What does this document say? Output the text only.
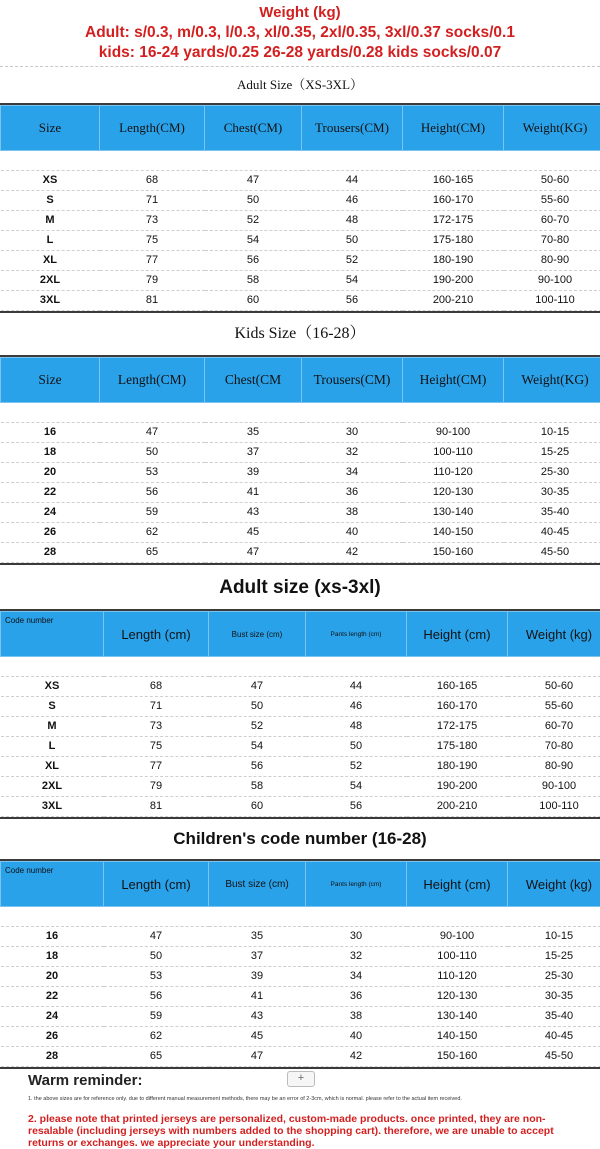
Weight (kg)
Adult: s/0.3, m/0.3, l/0.3, xl/0.35, 2xl/0.35, 3xl/0.37 socks/0.1
kids: 16-24 yards/0.25 26-28 yards/0.28 kids socks/0.07
Adult Size（XS-3XL）
Size	Length(CM)	Chest(CM)	Trousers(CM)	Height(CM)	Weight(KG)

XS	68	47	44	160-165	50-60
S	71	50	46	160-170	55-60
M	73	52	48	172-175	60-70
L	75	54	50	175-180	70-80
XL	77	56	52	180-190	80-90
2XL	79	58	54	190-200	90-100
3XL	81	60	56	200-210	100-110
Kids Size（16-28）
Size	Length(CM)	Chest(CM	Trousers(CM)	Height(CM)	Weight(KG)

16	47	35	30	90-100	10-15
18	50	37	32	100-110	15-25
20	53	39	34	110-120	25-30
22	56	41	36	120-130	30-35
24	59	43	38	130-140	35-40
26	62	45	40	140-150	40-45
28	65	47	42	150-160	45-50
Adult size (xs-3xl)
Code number	Length (cm)	Bust size (cm)	Pants length (cm)	Height (cm)	Weight (kg)

XS	68	47	44	160-165	50-60
S	71	50	46	160-170	55-60
M	73	52	48	172-175	60-70
L	75	54	50	175-180	70-80
XL	77	56	52	180-190	80-90
2XL	79	58	54	190-200	90-100
3XL	81	60	56	200-210	100-110
Children's code number (16-28)
Code number	Length (cm)	Bust size (cm)	Pants length (cm)	Height (cm)	Weight (kg)

16	47	35	30	90-100	10-15
18	50	37	32	100-110	15-25
20	53	39	34	110-120	25-30
22	56	41	36	120-130	30-35
24	59	43	38	130-140	35-40
26	62	45	40	140-150	40-45
28	65	47	42	150-160	45-50
Warm reminder:	+
1. the above sizes are for reference only. due to different manual measurement methods, there may be an error of 2-3cm, which is normal. please refer to the actual item received.
2. please note that printed jerseys are personalized, custom-made products. once printed, they are non-resalable (including jerseys with numbers added to the shopping cart). therefore, we are unable to accept returns or exchanges. we appreciate your understanding.
